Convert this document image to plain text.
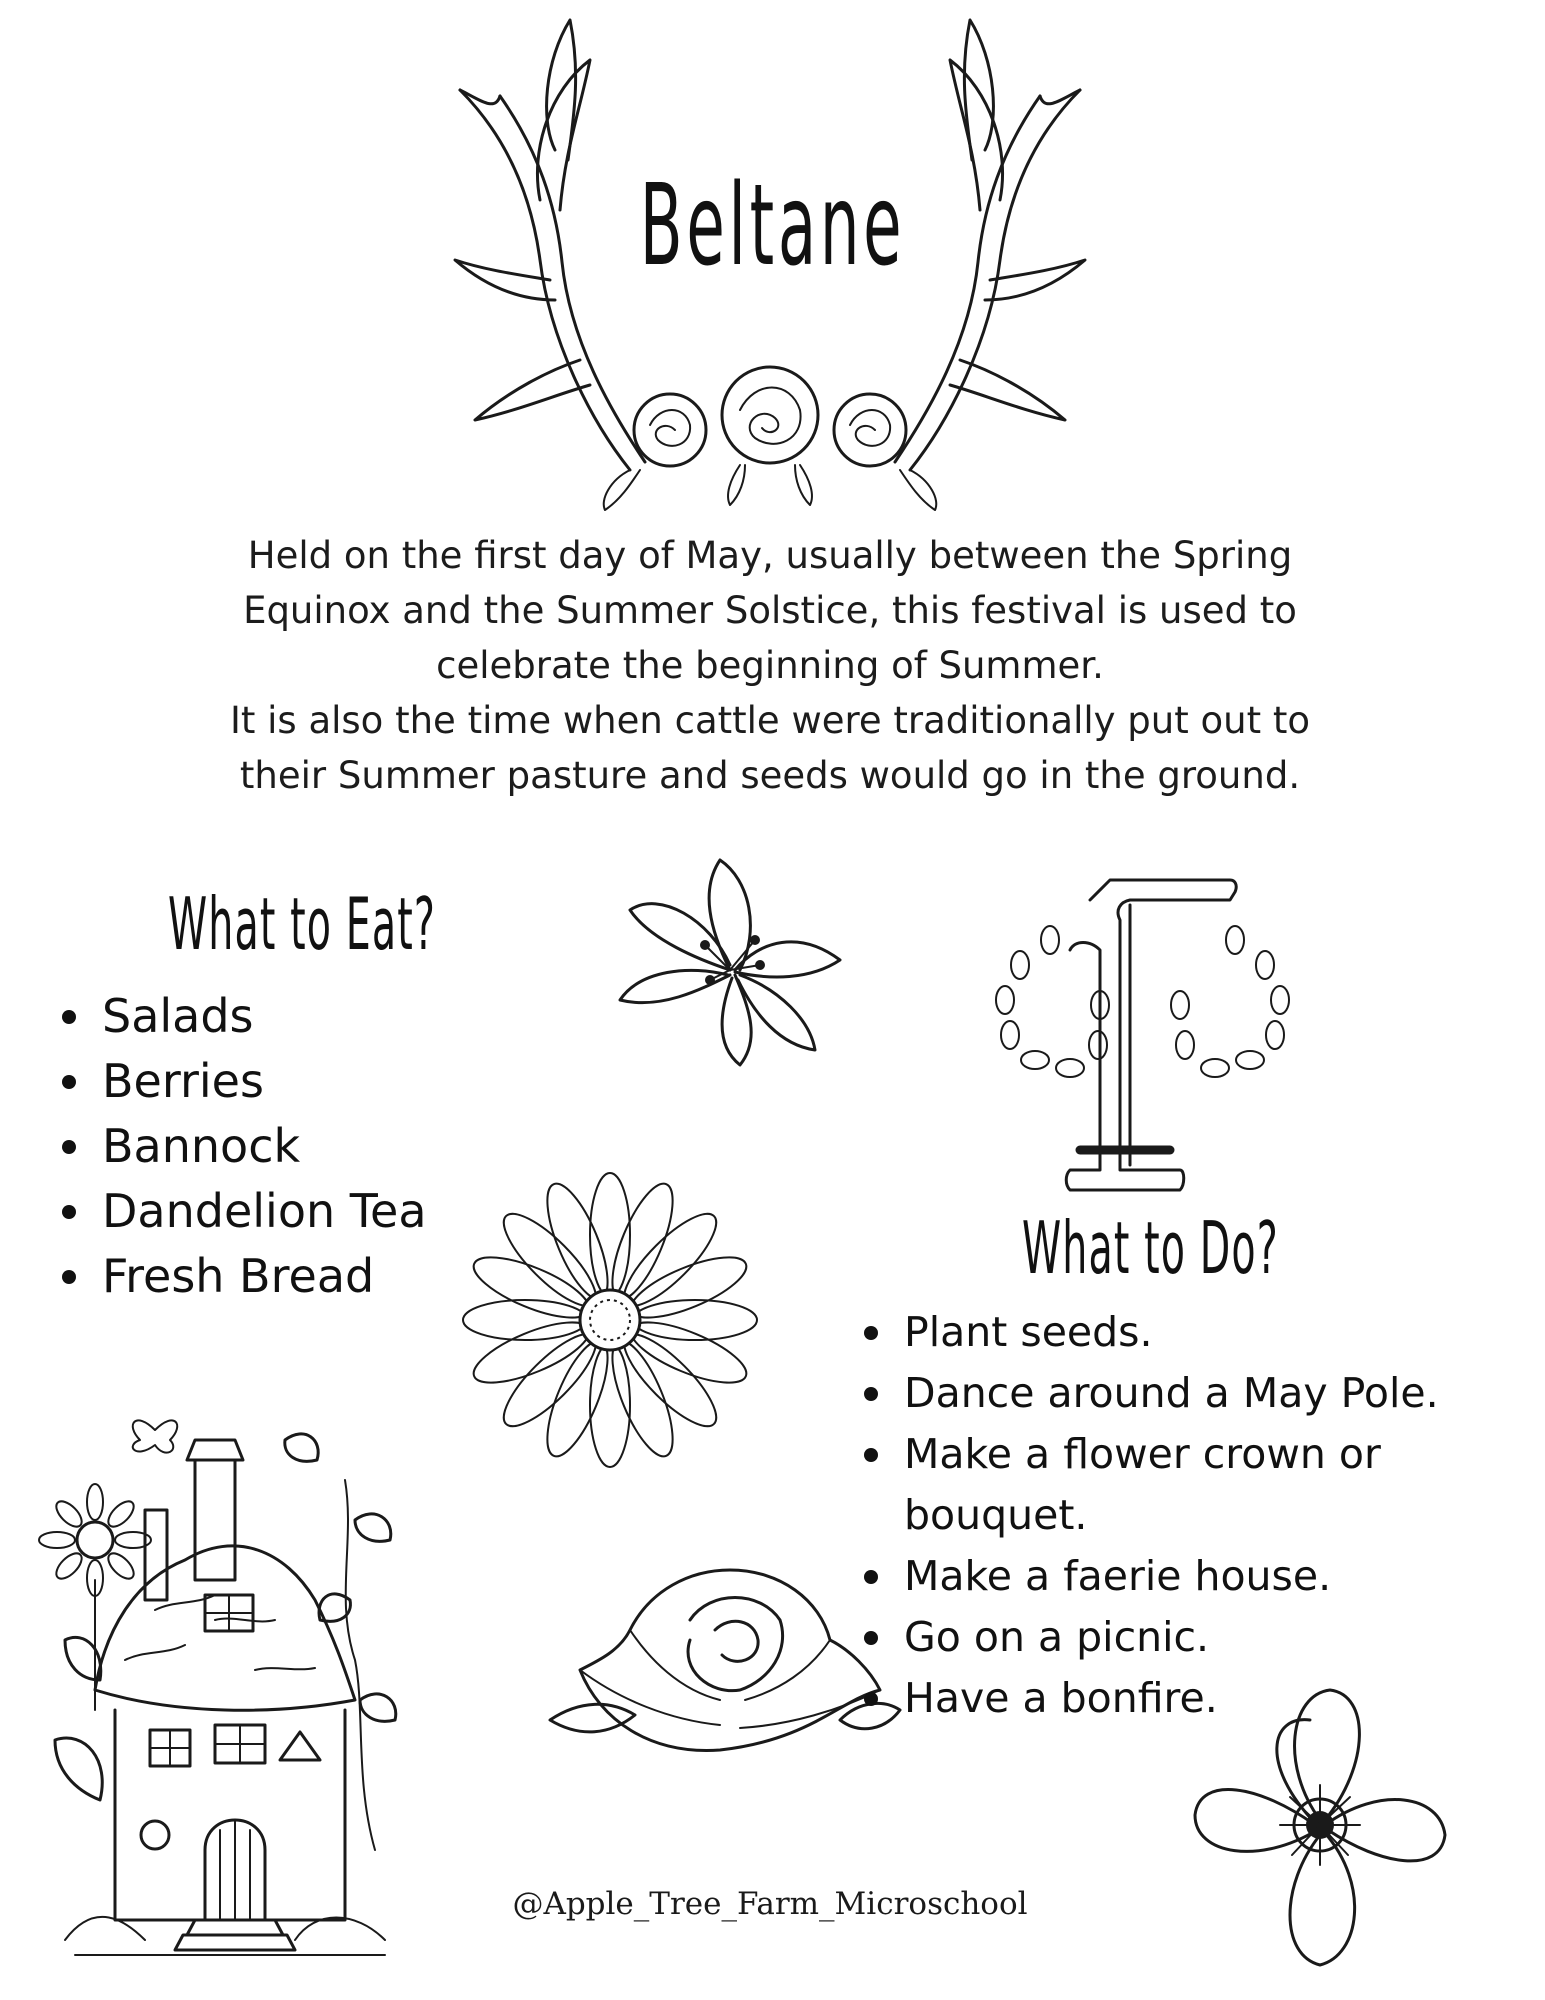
Beltane

Held on the first day of May, usually between the Spring

Equinox and the Summer Solstice, this festival is used to

celebrate the beginning of Summer.

It is also the time when cattle were traditionally put out to

their Summer pasture and seeds would go in the ground.

What to Eat?
Salads
Berries
Bannock
Dandelion Tea
Fresh Bread	What to Do?
Plant seeds.
Dance around a May Pole.
Make a flower crown or bouquet.
Make a faerie house.
Go on a picnic.
Have a bonfire.
@Apple_Tree_Farm_Microschool
